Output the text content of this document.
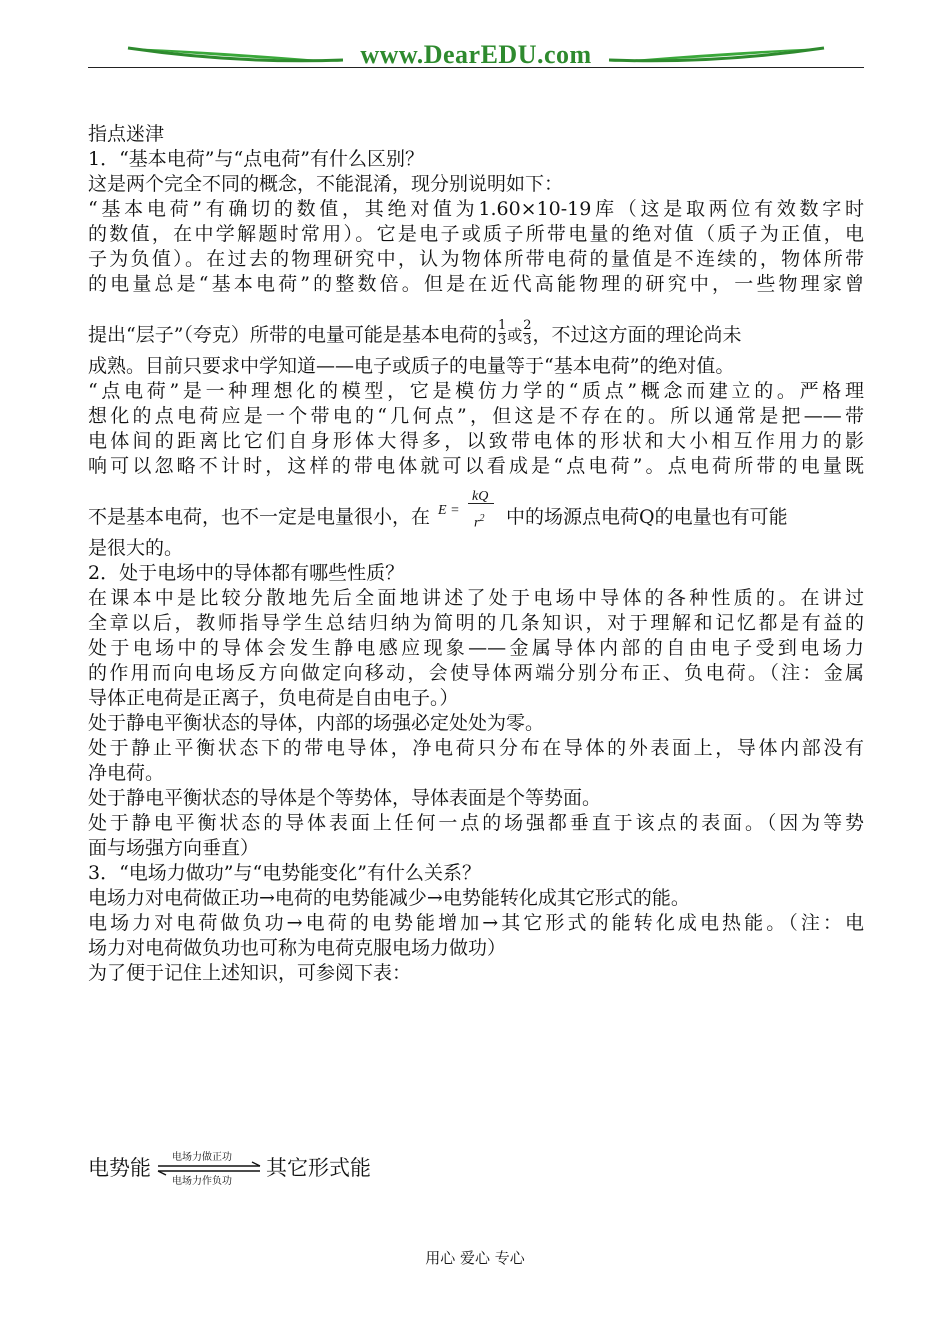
www.DearEDU.com
指点迷津
1．“基本电荷”与“点电荷”有什么区别？
这是两个完全不同的概念，不能混淆，现分别说明如下：
“基本电荷”有确切的数值，其绝对值为1.60×10-19库（这是取两位有效数字时
的数值，在中学解题时常用）。它是电子或质子所带电量的绝对值（质子为正值，电
子为负值）。在过去的物理研究中，认为物体所带电荷的量值是不连续的，物体所带
的电量总是“基本电荷”的整数倍。但是在近代高能物理的研究中，一些物理家曾
提出“层子”（夸克）所带的电量可能是基本电荷的 $\frac{1}{3}$ 或 $\frac{2}{3}$ ，不过这方面的理论尚未
成熟。目前只要求中学知道——电子或质子的电量等于“基本电荷”的绝对值。
“点电荷”是一种理想化的模型，它是模仿力学的“质点”概念而建立的。严格理
想化的点电荷应是一个带电的“几何点”，但这是不存在的。所以通常是把——带
电体间的距离比它们自身形体大得多，以致带电体的形状和大小相互作用力的影
响可以忽略不计时，这样的带电体就可以看成是“点电荷”。点电荷所带的电量既
不是基本电荷，也不一定是电量很小，在 E =
kQ
$r^2$ 中的场源点电荷Q的电量也有可能
是很大的。
2．处于电场中的导体都有哪些性质？
在课本中是比较分散地先后全面地讲述了处于电场中导体的各种性质的。在讲过
全章以后，教师指导学生总结归纳为简明的几条知识，对于理解和记忆都是有益的
处于电场中的导体会发生静电感应现象——金属导体内部的自由电子受到电场力
的作用而向电场反方向做定向移动，会使导体两端分别分布正、负电荷。（注：金属
导体正电荷是正离子，负电荷是自由电子。）
处于静电平衡状态的导体，内部的场强必定处处为零。
处于静止平衡状态下的带电导体，净电荷只分布在导体的外表面上，导体内部没有
净电荷。
处于静电平衡状态的导体是个等势体，导体表面是个等势面。
处于静电平衡状态的导体表面上任何一点的场强都垂直于该点的表面。（因为等势
面与场强方向垂直）
3．“电场力做功”与“电势能变化”有什么关系？
电场力对电荷做正功→电荷的电势能减少→电势能转化成其它形式的能。
电场力对电荷做负功→电荷的电势能增加→其它形式的能转化成电热能。（注：电
场力对电荷做负功也可称为电荷克服电场力做功）
为了便于记住上述知识，可参阅下表：
电势能 电场力做正功
电场力作负功
其它形式能
用心 爱心 专心
